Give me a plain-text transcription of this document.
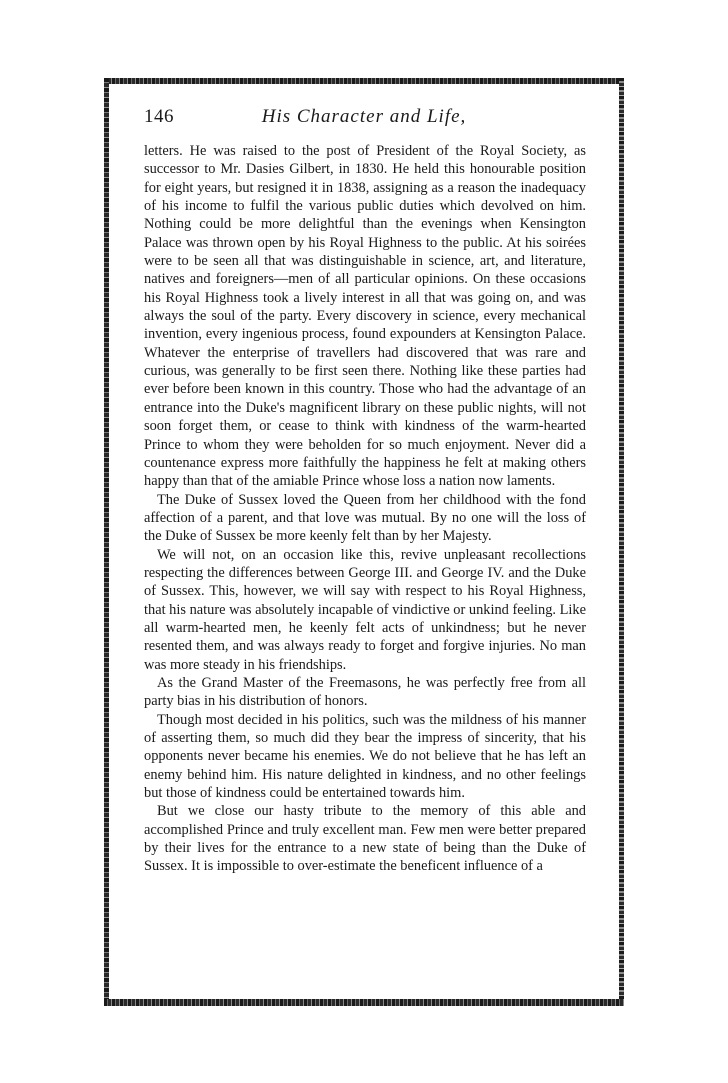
146	His Character and Life,

letters. He was raised to the post of President of the Royal Society, as successor to Mr. Dasies Gilbert, in 1830. He held this honourable position for eight years, but resigned it in 1838, assigning as a reason the inadequacy of his income to fulfil the various public duties which devolved on him. Nothing could be more delightful than the evenings when Kensington Palace was thrown open by his Royal Highness to the public. At his soirées were to be seen all that was distinguishable in science, art, and literature, natives and foreigners—men of all particular opinions. On these occasions his Royal Highness took a lively interest in all that was going on, and was always the soul of the party. Every discovery in science, every mechanical invention, every ingenious process, found expounders at Kensington Palace. Whatever the enterprise of travellers had discovered that was rare and curious, was generally to be first seen there. Nothing like these parties had ever before been known in this country. Those who had the advantage of an entrance into the Duke's magnificent library on these public nights, will not soon forget them, or cease to think with kindness of the warm-hearted Prince to whom they were beholden for so much enjoyment. Never did a countenance express more faithfully the happiness he felt at making others happy than that of the amiable Prince whose loss a nation now laments.

The Duke of Sussex loved the Queen from her childhood with the fond affection of a parent, and that love was mutual. By no one will the loss of the Duke of Sussex be more keenly felt than by her Majesty.

We will not, on an occasion like this, revive unpleasant recollections respecting the differences between George III. and George IV. and the Duke of Sussex. This, however, we will say with respect to his Royal Highness, that his nature was absolutely incapable of vindictive or unkind feeling. Like all warm-hearted men, he keenly felt acts of unkindness; but he never resented them, and was always ready to forget and forgive injuries. No man was more steady in his friendships.

As the Grand Master of the Freemasons, he was perfectly free from all party bias in his distribution of honors.

Though most decided in his politics, such was the mildness of his manner of asserting them, so much did they bear the impress of sincerity, that his opponents never became his enemies. We do not believe that he has left an enemy behind him. His nature delighted in kindness, and no other feelings but those of kindness could be entertained towards him.

But we close our hasty tribute to the memory of this able and accomplished Prince and truly excellent man. Few men were better prepared by their lives for the entrance to a new state of being than the Duke of Sussex. It is impossible to over-estimate the beneficent influence of a
